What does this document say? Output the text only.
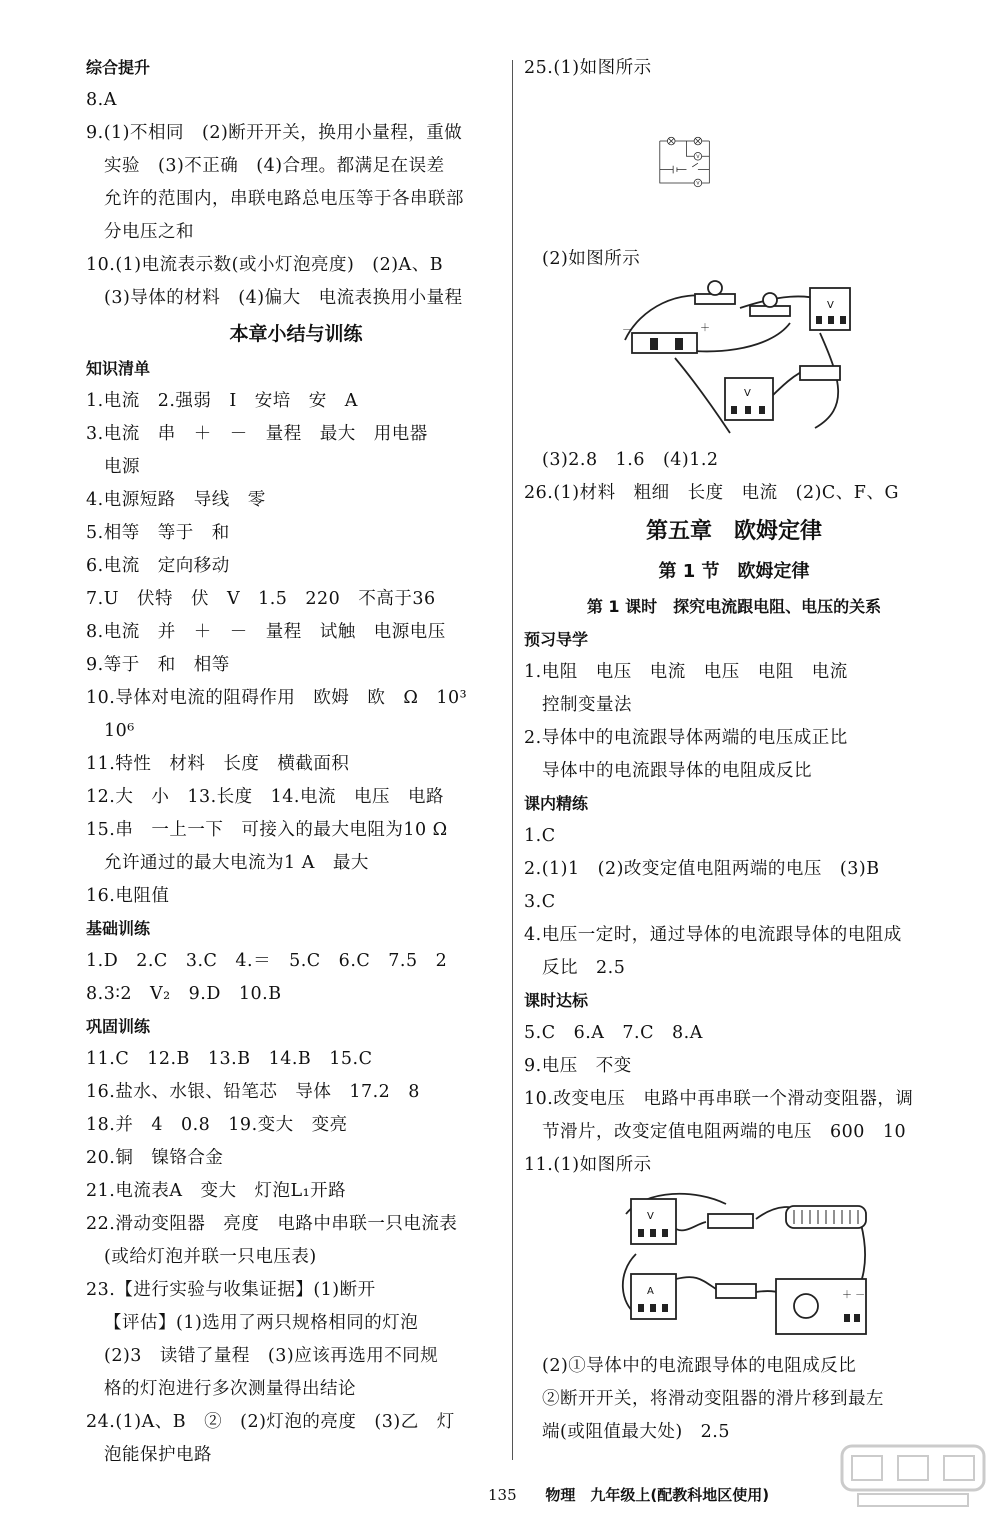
综合提升
8.A
9.(1)不相同　(2)断开开关，换用小量程，重做
实验　(3)不正确　(4)合理。都满足在误差
允许的范围内，串联电路总电压等于各串联部
分电压之和
10.(1)电流表示数(或小灯泡亮度)　(2)A、B
(3)导体的材料　(4)偏大　电流表换用小量程
本章小结与训练
知识清单
1.电流　2.强弱　I　安培　安　A
3.电流　串　＋　－　量程　最大　用电器
电源
4.电源短路　导线　零
5.相等　等于　和
6.电流　定向移动
7.U　伏特　伏　V　1.5　220　不高于36
8.电流　并　＋　－　量程　试触　电源电压
9.等于　和　相等
10.导体对电流的阻碍作用　欧姆　欧　Ω　10³
10⁶
11.特性　材料　长度　横截面积
12.大　小　13.长度　14.电流　电压　电路
15.串　一上一下　可接入的最大电阻为10 Ω
允许通过的最大电流为1 A　最大
16.电阻值
基础训练
1.D　2.C　3.C　4.＝　5.C　6.C　7.5　2
8.3∶2　V₂　9.D　10.B
巩固训练
11.C　12.B　13.B　14.B　15.C
16.盐水、水银、铅笔芯　导体　17.2　8
18.并　4　0.8　19.变大　变亮
20.铜　镍铬合金
21.电流表A　变大　灯泡L₁开路
22.滑动变阻器　亮度　电路中串联一只电流表
(或给灯泡并联一只电压表)
23.【进行实验与收集证据】(1)断开
【评估】(1)选用了两只规格相同的灯泡
(2)3　读错了量程　(3)应该再选用不同规
格的灯泡进行多次测量得出结论
24.(1)A、B　②　(2)灯泡的亮度　(3)乙　灯
泡能保护电路
25.(1)如图所示
V
V
(2)如图所示
－	＋
V
V
(3)2.8　1.6　(4)1.2
26.(1)材料　粗细　长度　电流　(2)C、F、G
第五章　欧姆定律
第 1 节　欧姆定律
第 1 课时　探究电流跟电阻、电压的关系
预习导学
1.电阻　电压　电流　电压　电阻　电流
控制变量法
2.导体中的电流跟导体两端的电压成正比
导体中的电流跟导体的电阻成反比
课内精练
1.C
2.(1)1　(2)改变定值电阻两端的电压　(3)B
3.C
4.电压一定时，通过导体的电流跟导体的电阻成
反比　2.5
课时达标
5.C　6.A　7.C　8.A
9.电压　不变
10.改变电压　电路中再串联一个滑动变阻器，调
节滑片，改变定值电阻两端的电压　600　10
11.(1)如图所示
V
A	＋ －
(2)①导体中的电流跟导体的电阻成反比
②断开开关，将滑动变阻器的滑片移到最左
端(或阻值最大处)　2.5
135 物理　九年级上(配教科地区使用)
